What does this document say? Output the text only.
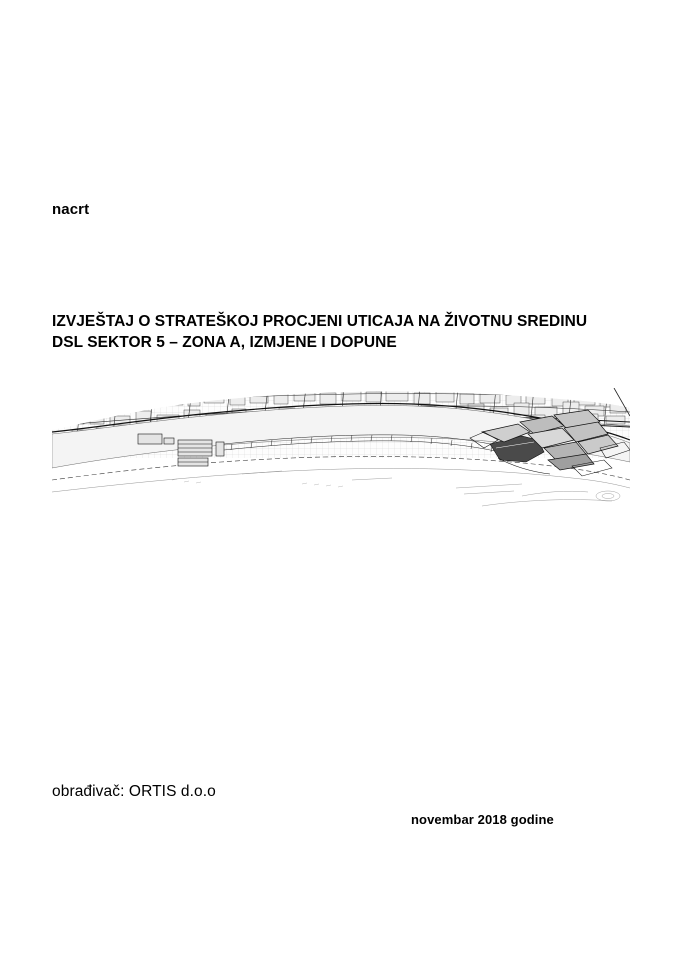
nacrt
IZVJEŠTAJ O STRATEŠKOJ PROCJENI UTICAJA NA ŽIVOTNU SREDINU
DSL SEKTOR 5 – ZONA A, IZMJENE I DOPUNE
obrađivač: ORTIS d.o.o
novembar 2018 godine
